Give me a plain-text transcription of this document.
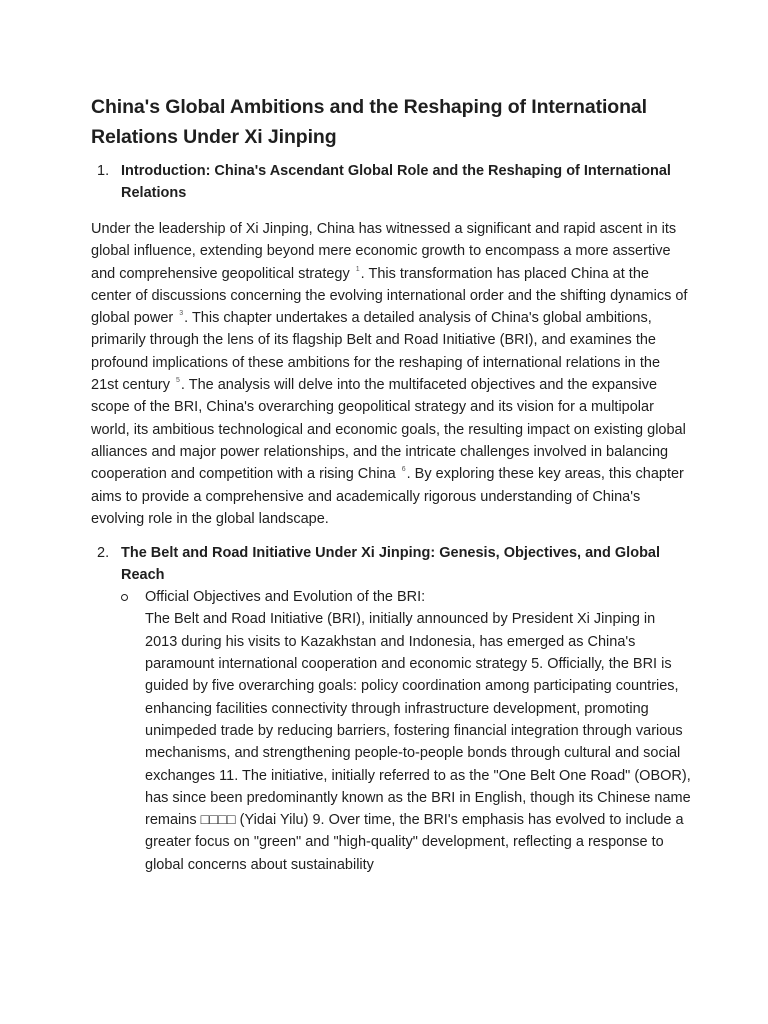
China's Global Ambitions and the Reshaping of International Relations Under Xi Jinping
1. Introduction: China's Ascendant Global Role and the Reshaping of International Relations

Under the leadership of Xi Jinping, China has witnessed a significant and rapid ascent in its global influence, extending beyond mere economic growth to encompass a more assertive and comprehensive geopolitical strategy $^1$. This transformation has placed China at the center of discussions concerning the evolving international order and the shifting dynamics of global power $^3$. This chapter undertakes a detailed analysis of China's global ambitions, primarily through the lens of its flagship Belt and Road Initiative (BRI), and examines the profound implications of these ambitions for the reshaping of international relations in the 21st century $^5$. The analysis will delve into the multifaceted objectives and the expansive scope of the BRI, China's overarching geopolitical strategy and its vision for a multipolar world, its ambitious technological and economic goals, the resulting impact on existing global alliances and major power relationships, and the intricate challenges involved in balancing cooperation and competition with a rising China $^6$. By exploring these key areas, this chapter aims to provide a comprehensive and academically rigorous understanding of China's evolving role in the global landscape.

2. The Belt and Road Initiative Under Xi Jinping: Genesis, Objectives, and Global Reach
Official Objectives and Evolution of the BRI:
The Belt and Road Initiative (BRI), initially announced by President Xi Jinping in 2013 during his visits to Kazakhstan and Indonesia, has emerged as China's paramount international cooperation and economic strategy 5. Officially, the BRI is guided by five overarching goals: policy coordination among participating countries, enhancing facilities connectivity through infrastructure development, promoting unimpeded trade by reducing barriers, fostering financial integration through various mechanisms, and strengthening people-to-people bonds through cultural and social exchanges 11. The initiative, initially referred to as the "One Belt One Road" (OBOR), has since been predominantly known as the BRI in English, though its Chinese name remains □□□□ (Yidai Yilu) 9. Over time, the BRI's emphasis has evolved to include a greater focus on "green" and "high-quality" development, reflecting a response to global concerns about sustainability
